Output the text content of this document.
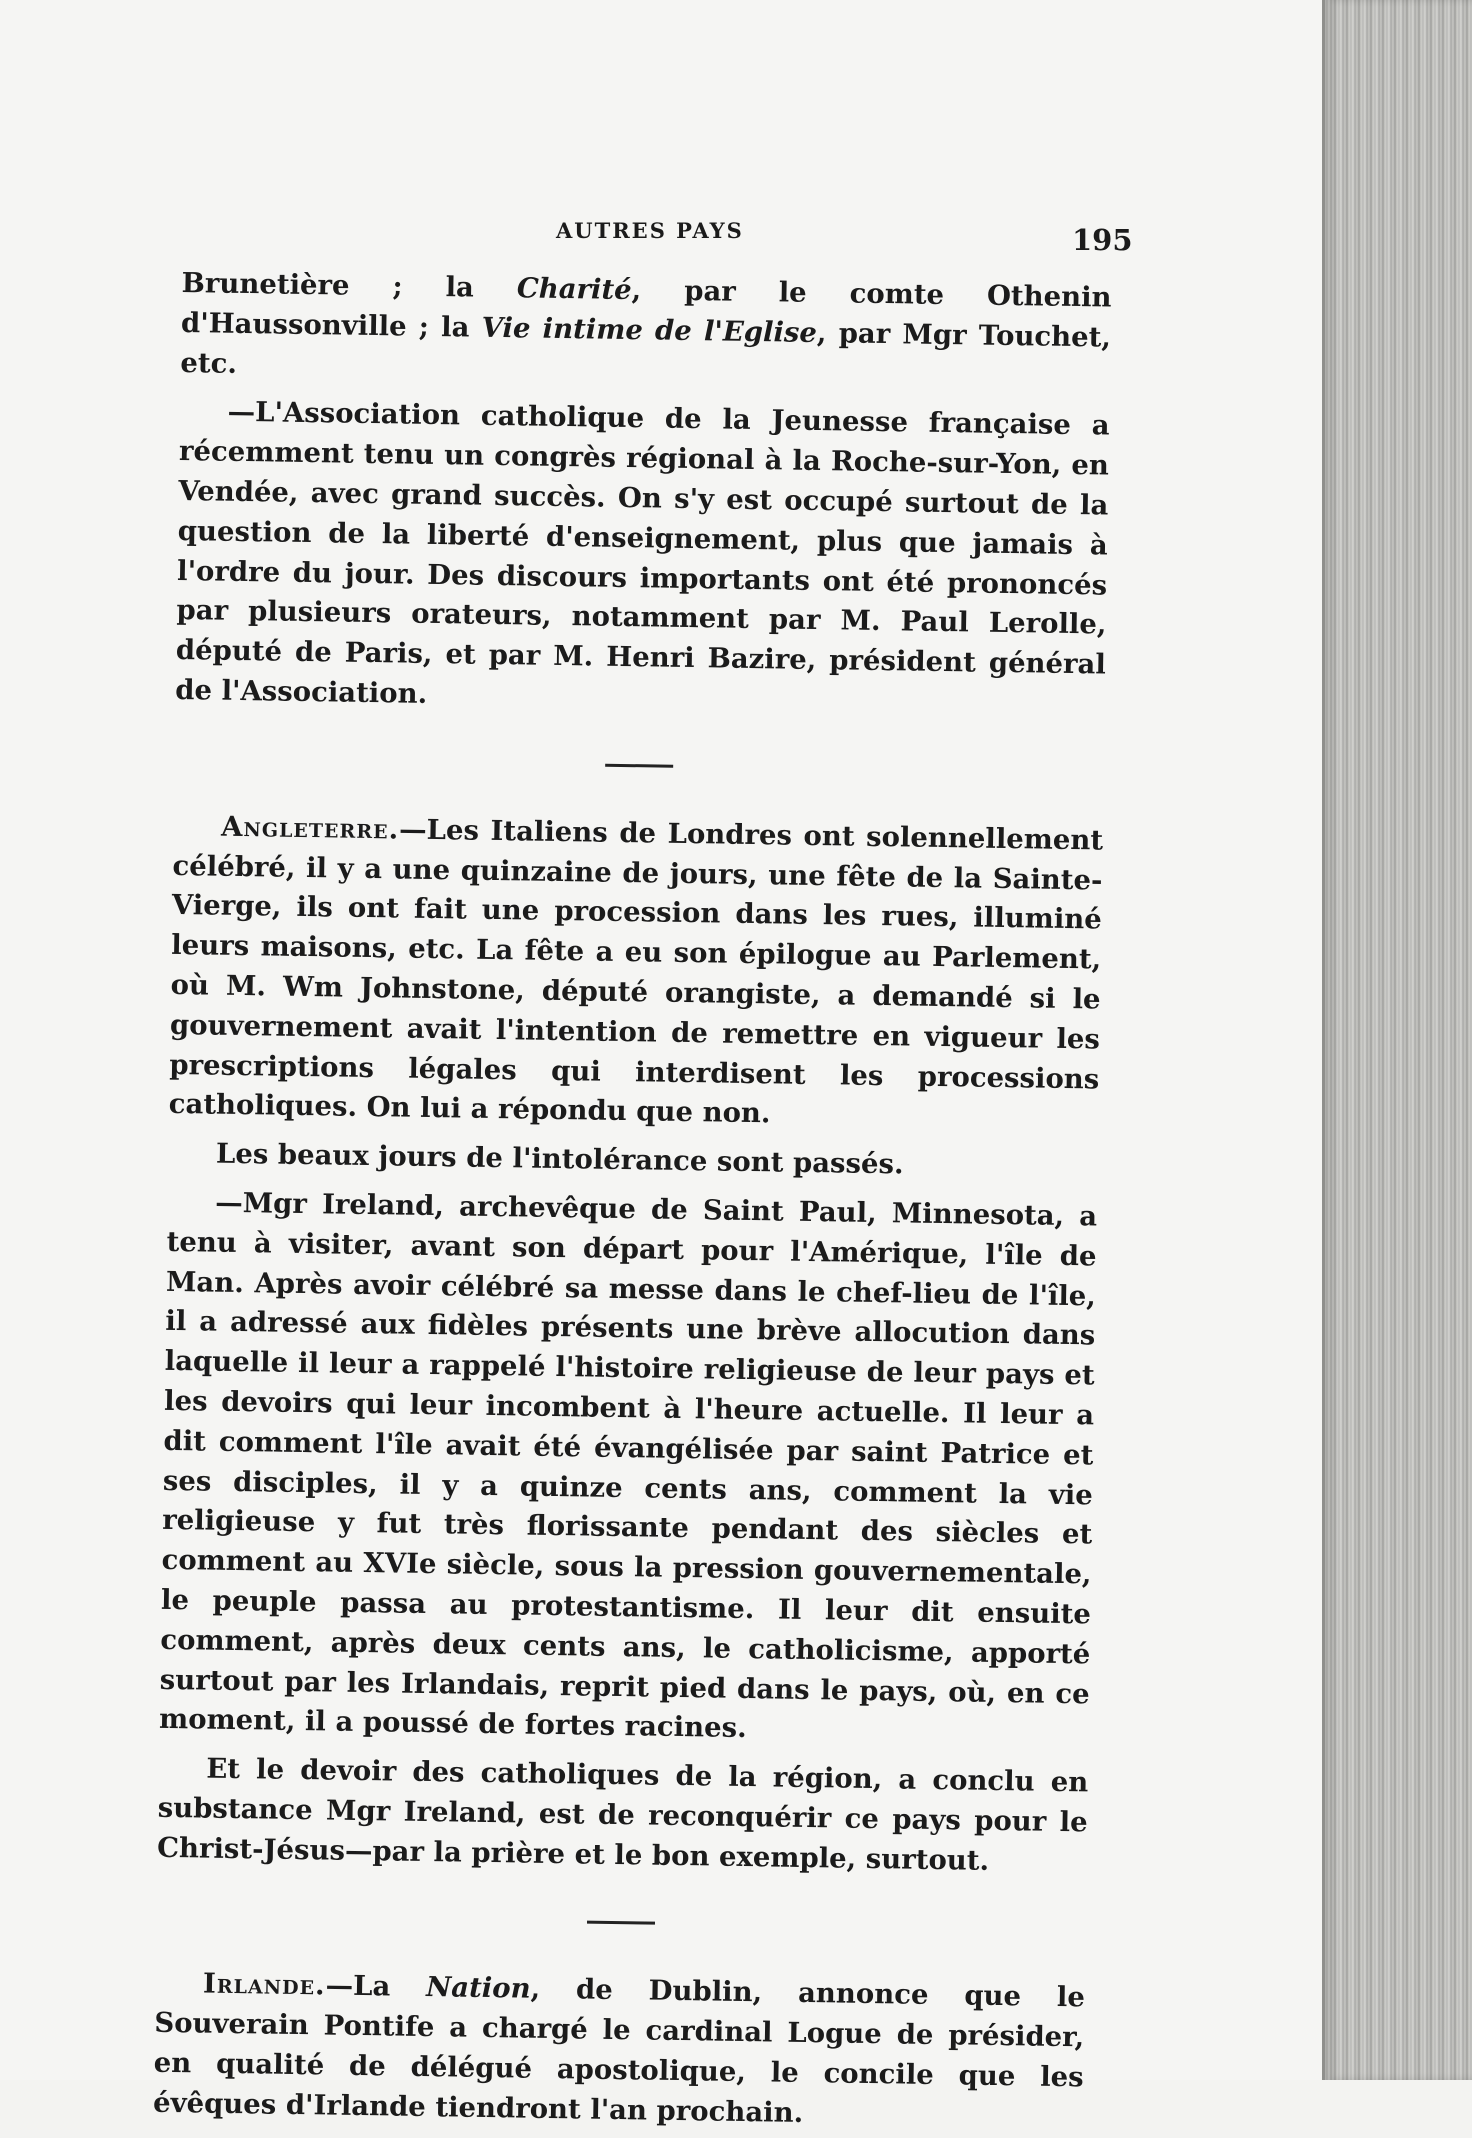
AUTRES PAYS	195

Brunetière ; la Charité, par le comte Othenin d'Haussonville ; la Vie intime de l'Eglise, par Mgr Touchet, etc.

—L'Association catholique de la Jeunesse française a récemment tenu un congrès régional à la Roche-sur-Yon, en Vendée, avec grand succès. On s'y est occupé surtout de la question de la liberté d'enseignement, plus que jamais à l'ordre du jour. Des discours importants ont été prononcés par plusieurs orateurs, notamment par M. Paul Lerolle, député de Paris, et par M. Henri Bazire, président général de l'Association.

Angleterre.—Les Italiens de Londres ont solennellement célébré, il y a une quinzaine de jours, une fête de la Sainte-Vierge, ils ont fait une procession dans les rues, illuminé leurs maisons, etc. La fête a eu son épilogue au Parlement, où M. Wm Johnstone, député orangiste, a demandé si le gouvernement avait l'intention de remettre en vigueur les prescriptions légales qui interdisent les processions catholiques. On lui a répondu que non.

Les beaux jours de l'intolérance sont passés.

—Mgr Ireland, archevêque de Saint Paul, Minnesota, a tenu à visiter, avant son départ pour l'Amérique, l'île de Man. Après avoir célébré sa messe dans le chef-lieu de l'île, il a adressé aux fidèles présents une brève allocution dans laquelle il leur a rappelé l'histoire religieuse de leur pays et les devoirs qui leur incombent à l'heure actuelle. Il leur a dit comment l'île avait été évangélisée par saint Patrice et ses disciples, il y a quinze cents ans, comment la vie religieuse y fut très florissante pendant des siècles et comment au XVIe siècle, sous la pression gouvernementale, le peuple passa au protestantisme. Il leur dit ensuite comment, après deux cents ans, le catholicisme, apporté surtout par les Irlandais, reprit pied dans le pays, où, en ce moment, il a poussé de fortes racines.

Et le devoir des catholiques de la région, a conclu en substance Mgr Ireland, est de reconquérir ce pays pour le Christ-Jésus—par la prière et le bon exemple, surtout.

Irlande.—La Nation, de Dublin, annonce que le Souverain Pontife a chargé le cardinal Logue de présider, en qualité de délégué apostolique, le concile que les évêques d'Irlande tiendront l'an prochain.
